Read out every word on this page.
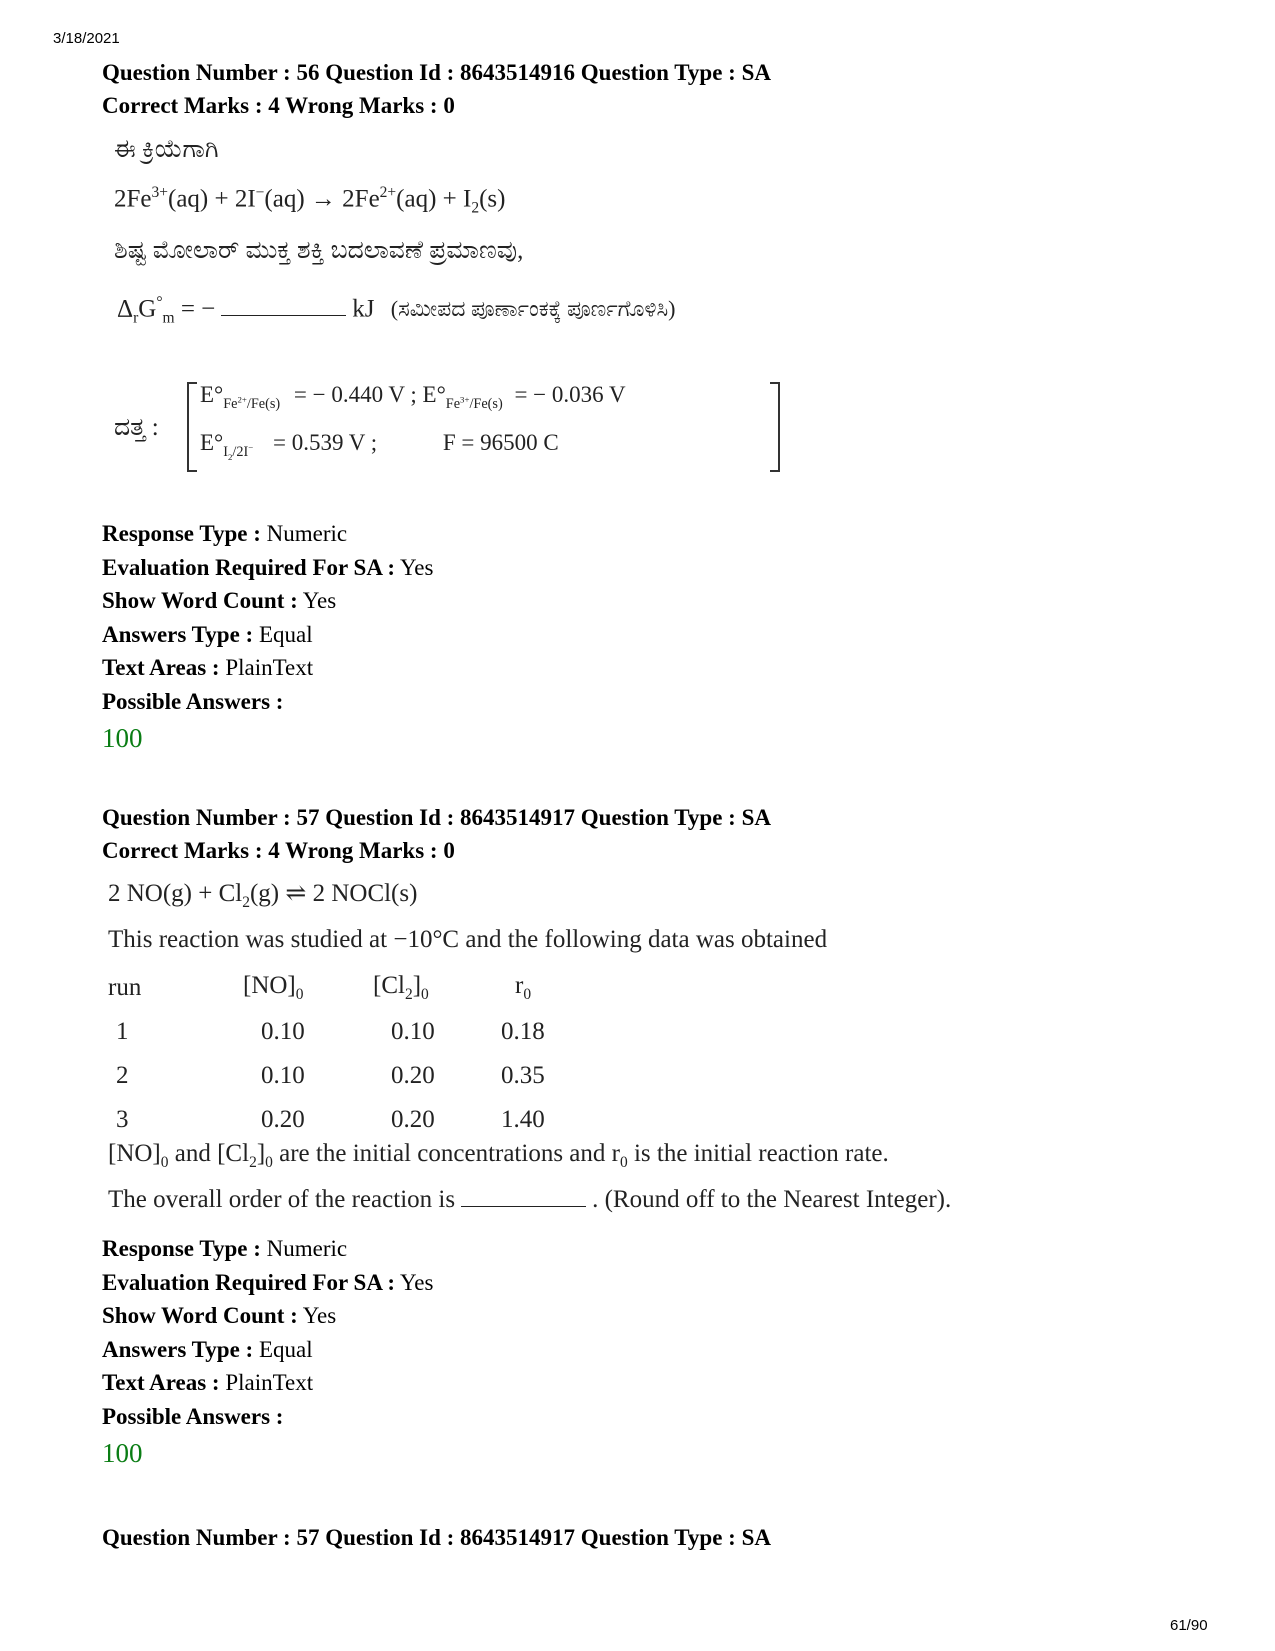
3/18/2021
Question Number : 56 Question Id : 8643514916 Question Type : SA
Correct Marks : 4 Wrong Marks : 0
ಈ ಕ್ರಿಯೆಗಾಗಿ
$2Fe^{3+}(aq) + 2I^-(aq) \to 2Fe^{2+}(aq) + I_2(s)$
ಶಿಷ್ಟ ಮೋಲಾರ್ ಮುಕ್ತ ಶಕ್ತಿ ಬದಲಾವಣೆ ಪ್ರಮಾಣವು,
$\Delta_rG^\circ_m$ = −	kJ (ಸಮೀಪದ ಪೂರ್ಣಾಂಕಕ್ಕೆ ಪೂರ್ಣಗೊಳಿಸಿ)
ದತ್ತ :
$E^\circ_{Fe^{2+}/Fe(s)}$ = − 0.440 V ; $E^\circ_{Fe^{3+}/Fe(s)}$ = − 0.036 V
$E^\circ_{I_2/2I^-} = 0.539$ V ;	F = 96500 C
Response Type : Numeric
Evaluation Required For SA : Yes
Show Word Count : Yes
Answers Type : Equal
Text Areas : PlainText
Possible Answers :
100
Question Number : 57 Question Id : 8643514917 Question Type : SA
Correct Marks : 4 Wrong Marks : 0
2 $NO(g) + Cl_2(g)$ ⇌ 2 NOCl(s)
This reaction was studied at −10°C and the following data was obtained
run	$[NO]_0$	$[Cl_2]_0$	$r_0$
1	0.10	0.10	0.18
2	0.10	0.20	0.35
3	0.20	0.20	1.40
$[NO]_0$ and $[Cl_2]_0$ are the initial concentrations and $r_0$ is the initial reaction rate.
The overall order of the reaction is	. (Round off to the Nearest Integer).
Response Type : Numeric
Evaluation Required For SA : Yes
Show Word Count : Yes
Answers Type : Equal
Text Areas : PlainText
Possible Answers :
100
Question Number : 57 Question Id : 8643514917 Question Type : SA
61/90
